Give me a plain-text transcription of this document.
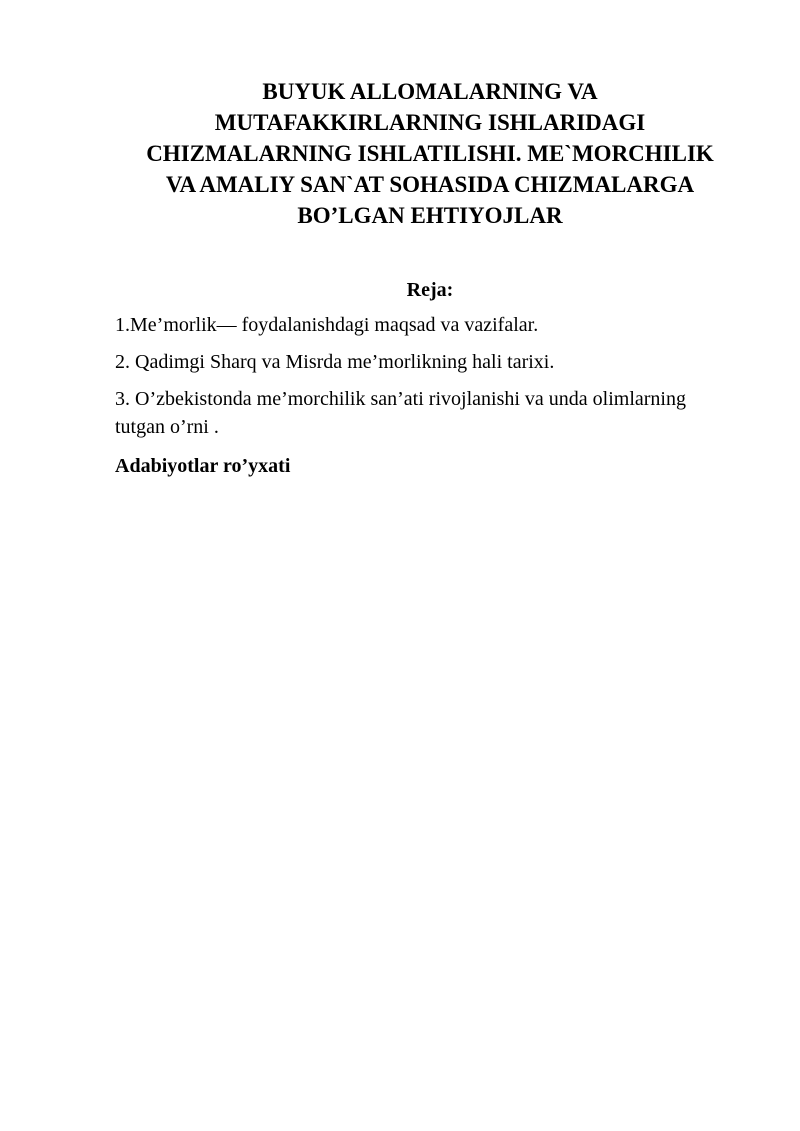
BUYUK ALLOMALARNING VA
MUTAFAKKIRLARNING ISHLARIDAGI
CHIZMALARNING ISHLATILISHI. ME`MORCHILIK
VA AMALIY SAN`AT SOHASIDA CHIZMALARGA
BO’LGAN EHTIYOJLAR
Reja:
1.Me’morlik— foydalanishdagi maqsad va vazifalar.
2. Qadimgi Sharq va Misrda me’morlikning hali tarixi.
3. O’zbekistonda me’morchilik san’ati rivojlanishi va unda olimlarning
tutgan o’rni .
Adabiyotlar ro’yxati
